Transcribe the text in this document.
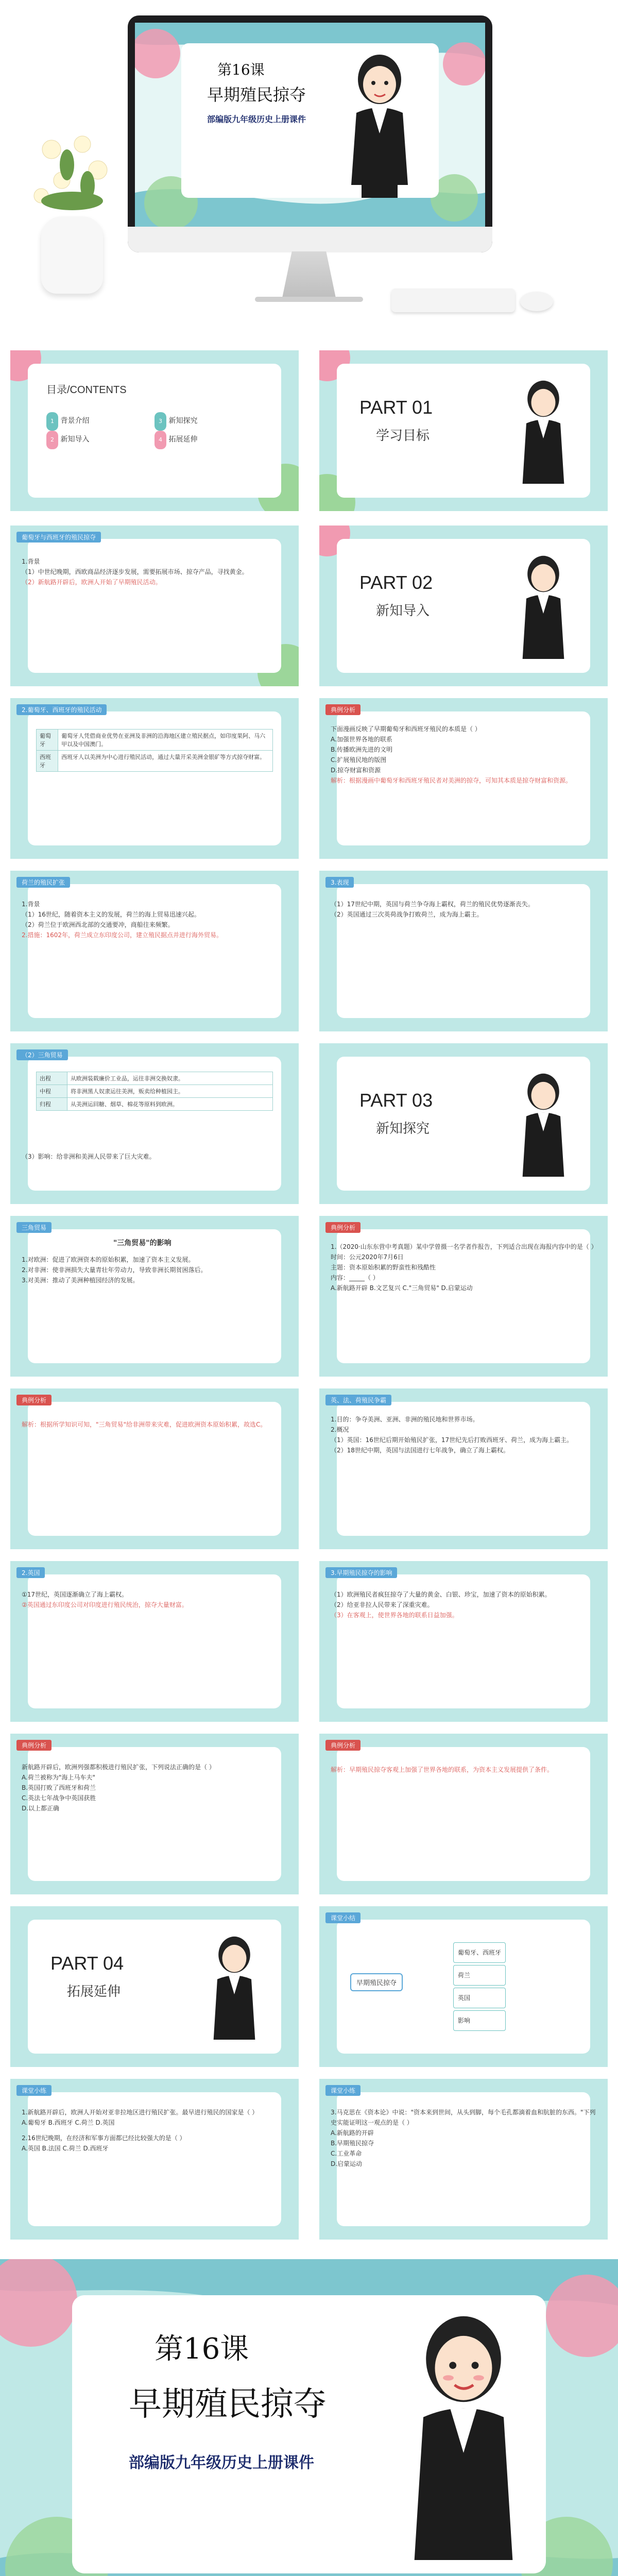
第16课
早期殖民掠夺
部编版九年级历史上册课件
目录/CONTENTS
1 背景介绍
2 新知导入
3 新知探究
4 拓展延伸
PART 01
学习目标
葡萄牙与西班牙的殖民掠夺
1.背景
（1）中世纪晚期，西欧商品经济逐步发展，需要拓展市场、掠夺产品，寻找黄金。
（2）新航路开辟后，欧洲人开始了早期殖民活动。	PART 02
新知导入
2.葡萄牙、西班牙的殖民活动
葡萄牙	葡萄牙人凭借商业优势在亚洲及非洲的沿海地区建立殖民据点，如印度果阿、马六甲以及中国澳门。
西班牙	西班牙人以美洲为中心进行殖民活动，通过大量开采美洲金银矿等方式掠夺财富。
典例分析
下面漫画反映了早期葡萄牙和西班牙殖民的本质是（ ）
A.加强世界各地的联系
B.传播欧洲先进的文明
C.扩展殖民地的版图
D.掠夺财富和资源
解析：根据漫画中葡萄牙和西班牙殖民者对美洲的掠夺，可知其本质是掠夺财富和资源。
荷兰的殖民扩张
1.背景
（1）16世纪，随着资本主义的发展，荷兰的海上贸易迅速兴起。
（2）荷兰位于欧洲西北部的交通要冲，商船往来频繁。
2.措施：1602年，荷兰成立东印度公司，建立殖民据点并进行海外贸易。
3.表现
（1）17世纪中期，英国与荷兰争夺海上霸权，荷兰的殖民优势逐渐丧失。
（2）英国通过三次英荷战争打败荷兰，成为海上霸主。
（2）三角贸易
出程	从欧洲装载廉价工业品，运往非洲交换奴隶。
中程	将非洲黑人奴隶运往美洲，贩卖给种植园主。
归程	从美洲运回糖、烟草、棉花等原料到欧洲。
（3）影响：给非洲和美洲人民带来了巨大灾难。
PART 03
新知探究
三角贸易
"三角贸易"的影响
1.对欧洲：促进了欧洲资本的原始积累，加速了资本主义发展。
2.对非洲：使非洲损失大量青壮年劳动力，导致非洲长期贫困落后。
3.对美洲：推动了美洲种植园经济的发展。
典例分析
1.（2020·山东东营中考真题）某中学曾摄一名学者作报告，下列适合出现在海报内容中的是（ ）
时间：公元2020年7月6日
主题：资本原始积累的野蛮性和残酷性
内容：_____（ ）
A.新航路开辟 B.文艺复兴 C."三角贸易" D.启蒙运动
典例分析
解析：根据所学知识可知，"三角贸易"给非洲带来灾难，促进欧洲资本原始积累，故选C。
英、法、荷殖民争霸
1.目的：争夺美洲、亚洲、非洲的殖民地和世界市场。
2.概况
（1）英国：16世纪后期开始殖民扩张，17世纪先后打败西班牙、荷兰，成为海上霸主。
（2）18世纪中期，英国与法国进行七年战争，确立了海上霸权。
2.英国
①17世纪，英国逐渐确立了海上霸权。
②英国通过东印度公司对印度进行殖民统治，掠夺大量财富。
3.早期殖民掠夺的影响
（1）欧洲殖民者疯狂掠夺了大量的黄金、白银、珍宝，加速了资本的原始积累。
（2）给亚非拉人民带来了深重灾难。
（3）在客观上，使世界各地的联系日益加强。
典例分析
新航路开辟后，欧洲列强都积极进行殖民扩张，下列说法正确的是（ ）
A.荷兰被称为"海上马车夫"
B.英国打败了西班牙和荷兰
C.英法七年战争中英国获胜
D.以上都正确
典例分析
解析：早期殖民掠夺客观上加强了世界各地的联系，为资本主义发展提供了条件。
PART 04
拓展延伸
课堂小结
早期殖民掠夺
葡萄牙、西班牙
荷兰
英国
影响
课堂小练
1.新航路开辟后，欧洲人开始对亚非拉地区进行殖民扩张。最早进行殖民的国家是（ ）
A.葡萄牙 B.西班牙 C.荷兰 D.英国
2.16世纪晚期，在经济和军事方面都已经比较强大的是（ ）
A.英国 B.法国 C.荷兰 D.西班牙
课堂小练
3.马克思在《资本论》中说："资本来到世间，从头到脚，每个毛孔都滴着血和肮脏的东西。"下列史实能证明这一观点的是（ ）
A.新航路的开辟
B.早期殖民掠夺
C.工业革命
D.启蒙运动
第16课
早期殖民掠夺
部编版九年级历史上册课件
